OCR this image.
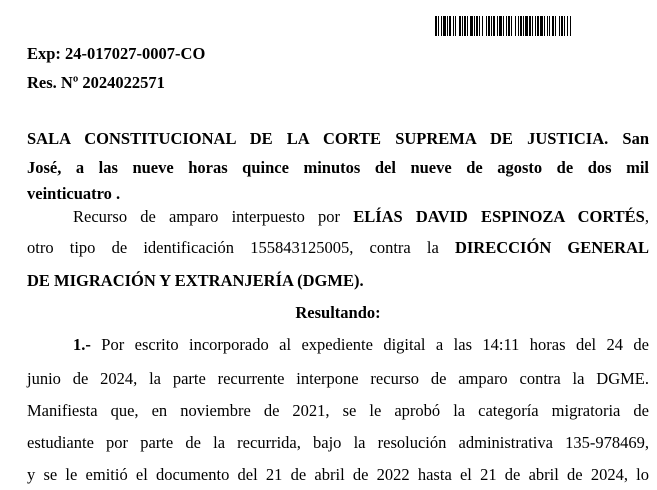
Exp: 24-017027-0007-CO
Res. Nº 2024022571
SALA CONSTITUCIONAL DE LA CORTE SUPREMA DE JUSTICIA. San
José, a las nueve horas quince minutos del nueve de agosto de dos mil
veinticuatro .
Recurso de amparo interpuesto por ELÍAS DAVID ESPINOZA CORTÉS,
otro tipo de identificación 155843125005, contra la DIRECCIÓN GENERAL
DE MIGRACIÓN Y EXTRANJERÍA (DGME).
Resultando:
1.- Por escrito incorporado al expediente digital a las 14:11 horas del 24 de
junio de 2024, la parte recurrente interpone recurso de amparo contra la DGME.
Manifiesta que, en noviembre de 2021, se le aprobó la categoría migratoria de
estudiante por parte de la recurrida, bajo la resolución administrativa 135-978469,
y se le emitió el documento del 21 de abril de 2022 hasta el 21 de abril de 2024, lo
